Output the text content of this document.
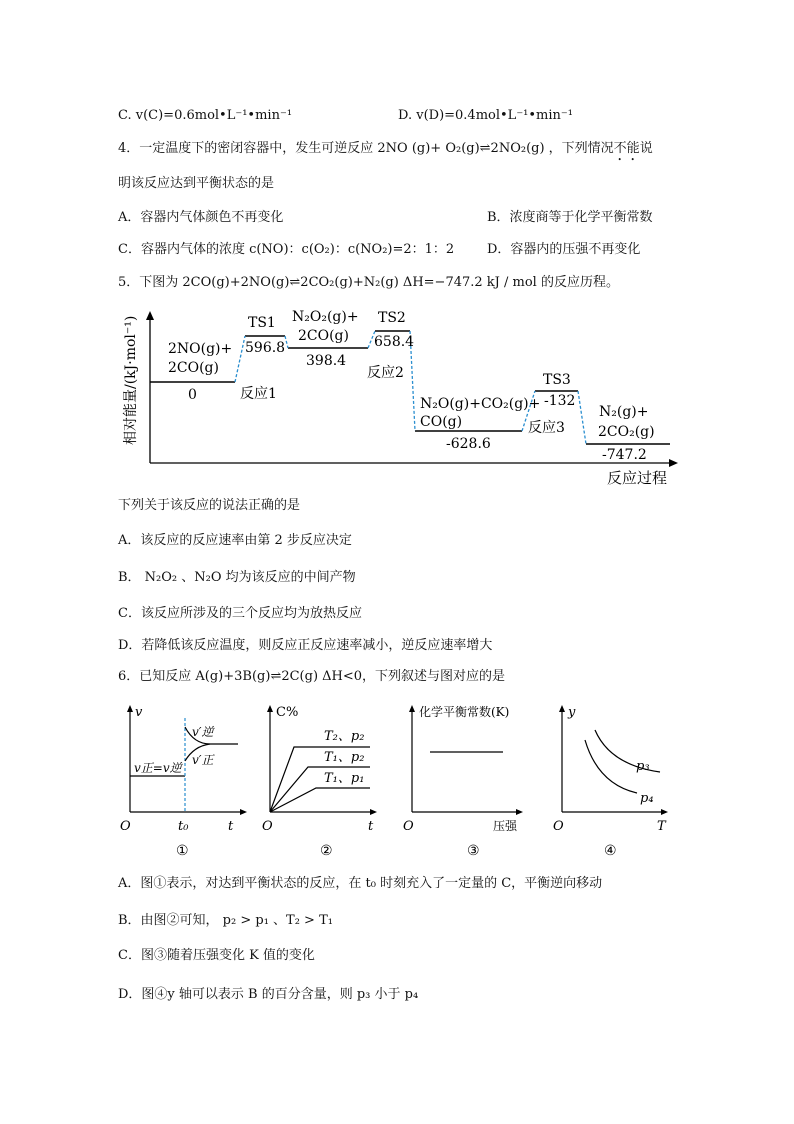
C. v(C)=0.6mol•L⁻¹•min⁻¹	D. v(D)=0.4mol•L⁻¹•min⁻¹
4．一定温度下的密闭容器中，发生可逆反应 2NO (g)+ O₂(g)⇌2NO₂(g) ，下列情况不能说
明该反应达到平衡状态的是
A．容器内气体颜色不再变化	B．浓度商等于化学平衡常数
C．容器内气体的浓度 c(NO)：c(O₂)：c(NO₂)=2：1：2	D．容器内的压强不再变化
5．下图为 2CO(g)+2NO(g)⇌2CO₂(g)+N₂(g) ΔH=−747.2 kJ / mol 的反应历程。
相对能量/(kJ·mol⁻¹)
反应过程
2NO(g)+
2CO(g)
0
TS1
596.8
N₂O₂(g)+
2CO(g)
398.4
TS2
658.4
反应1
反应2
N₂O(g)+CO₂(g)+
CO(g)
-628.6
TS3
-132
反应3
N₂(g)+
2CO₂(g)
-747.2
下列关于该反应的说法正确的是
A．该反应的反应速率由第 2 步反应决定
B． N₂O₂ 、N₂O 均为该反应的中间产物
C．该反应所涉及的三个反应均为放热反应
D．若降低该反应温度，则反应正反应速率减小，逆反应速率增大
6．已知反应 A(g)+3B(g)⇌2C(g) ΔH<0，下列叙述与图对应的是
v
t
O
v′逆
v′正
v正=v逆
t₀
①
C%
t
O
T₂、p₂
T₁、p₂
T₁、p₁
②
化学平衡常数(K)
压强
O
③
y
T
O
p₃
p₄
④
A．图①表示，对达到平衡状态的反应，在 t₀ 时刻充入了一定量的 C，平衡逆向移动
B．由图②可知， p₂ > p₁ 、T₂ > T₁
C．图③随着压强变化 K 值的变化
D．图④y 轴可以表示 B 的百分含量，则 p₃ 小于 p₄
